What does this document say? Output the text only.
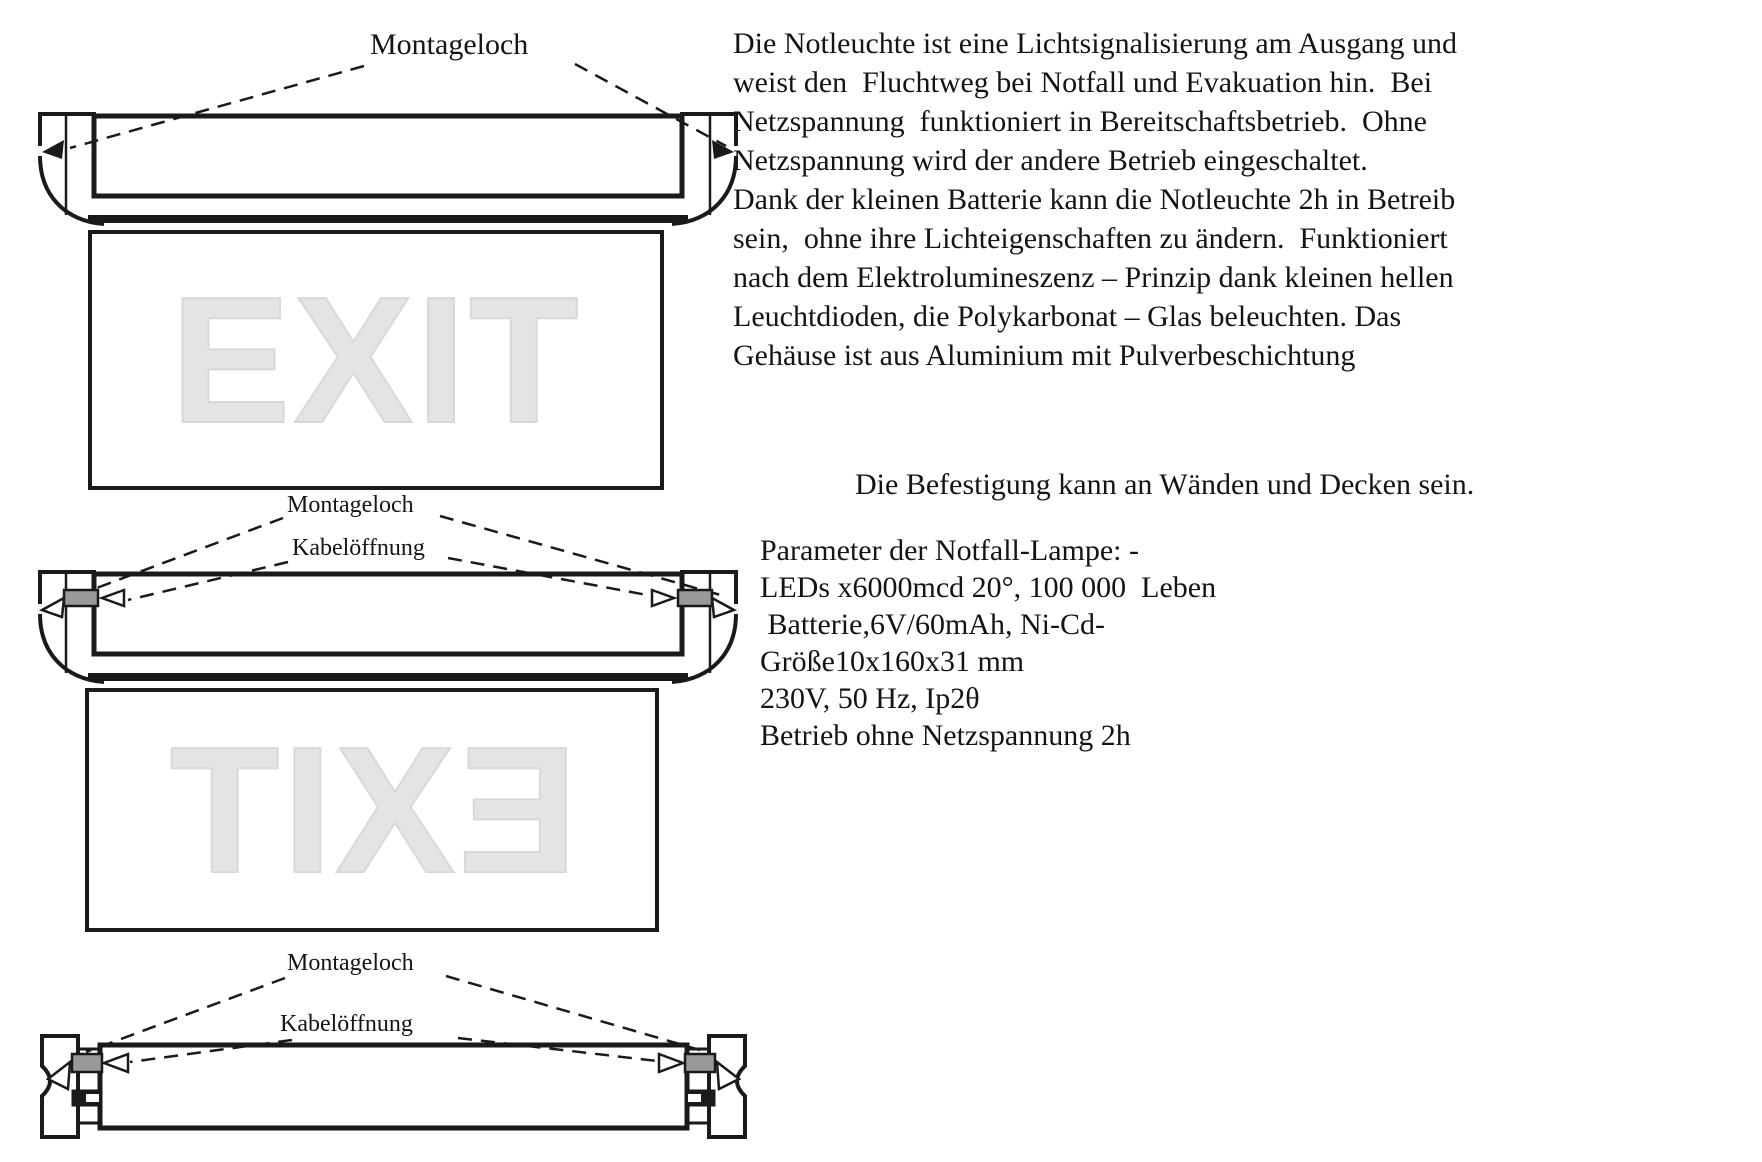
Montageloch
Montageloch
Kabelöffnung
Montageloch
Kabelöffnung
EXIT
EXIT
Die Notleuchte ist eine Lichtsignalisierung am Ausgang und
weist den  Fluchtweg bei Notfall und Evakuation hin.  Bei
Netzspannung  funktioniert in Bereitschaftsbetrieb.  Ohne
Netzspannung wird der andere Betrieb eingeschaltet.
Dank der kleinen Batterie kann die Notleuchte 2h in Betreib
sein,  ohne ihre Lichteigenschaften zu ändern.  Funktioniert
nach dem Elektrolumineszenz – Prinzip dank kleinen hellen
Leuchtdioden, die Polykarbonat – Glas beleuchten. Das
Gehäuse ist aus Aluminium mit Pulverbeschichtung
Die Befestigung kann an Wänden und Decken sein.
Parameter der Notfall-Lampe: -
LEDs x6000mcd 20°, 100 000  Leben
Batterie,6V/60mAh, Ni-Cd-
Größe10x160x31 mm
230V, 50 Hz, Ip2θ
Betrieb ohne Netzspannung 2h
